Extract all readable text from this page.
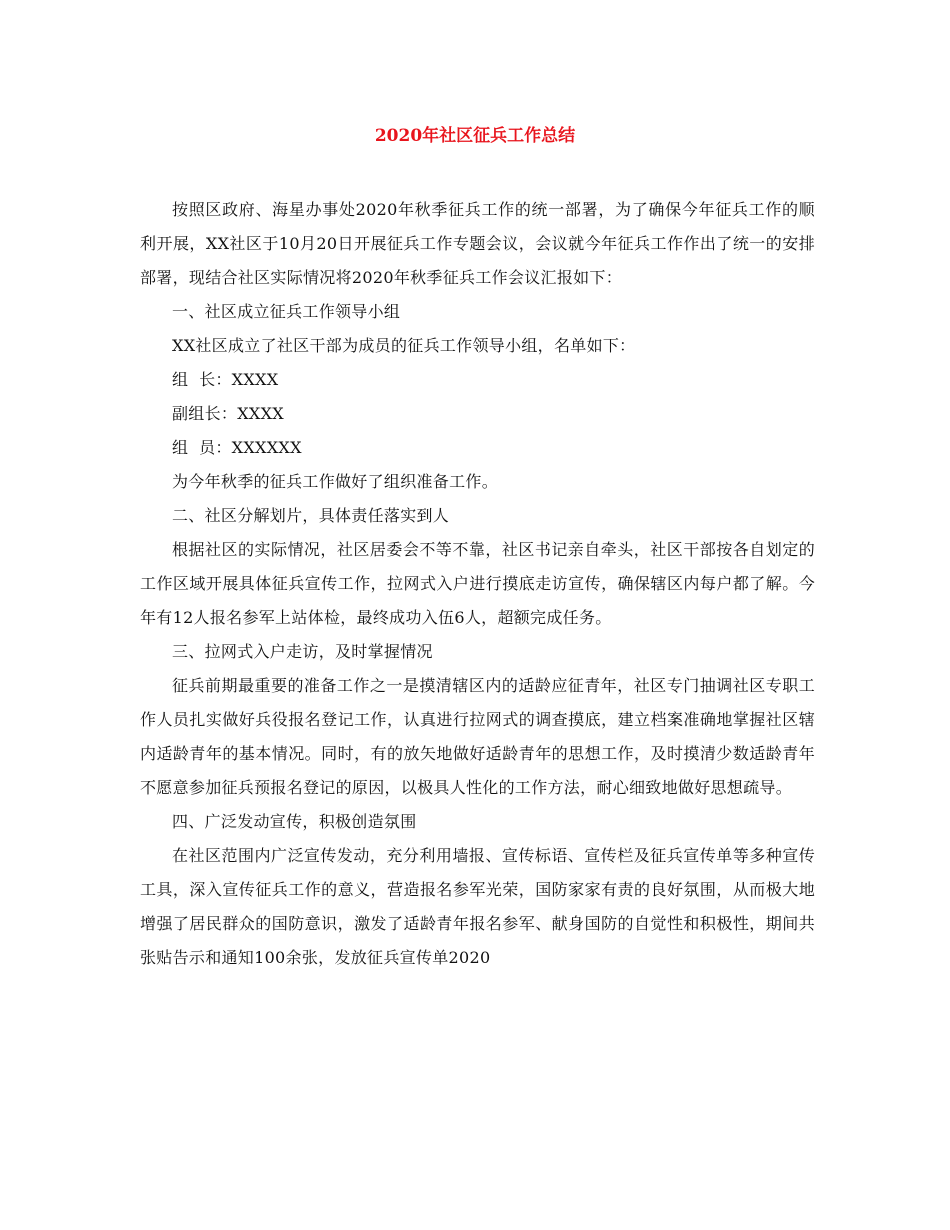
2020年社区征兵工作总结

按照区政府、海星办事处2020年秋季征兵工作的统一部署，为了确保今年征兵工作的顺利开展，XX社区于10月20日开展征兵工作专题会议，会议就今年征兵工作作出了统一的安排部署，现结合社区实际情况将2020年秋季征兵工作会议汇报如下：

一、社区成立征兵工作领导小组

XX社区成立了社区干部为成员的征兵工作领导小组，名单如下：

组  长：XXXX

副组长：XXXX

组  员：XXXXXX

为今年秋季的征兵工作做好了组织准备工作。

二、社区分解划片，具体责任落实到人

根据社区的实际情况，社区居委会不等不靠，社区书记亲自牵头，社区干部按各自划定的工作区域开展具体征兵宣传工作，拉网式入户进行摸底走访宣传，确保辖区内每户都了解。今年有12人报名参军上站体检，最终成功入伍6人，超额完成任务。

三、拉网式入户走访，及时掌握情况

征兵前期最重要的准备工作之一是摸清辖区内的适龄应征青年，社区专门抽调社区专职工作人员扎实做好兵役报名登记工作，认真进行拉网式的调查摸底，建立档案准确地掌握社区辖内适龄青年的基本情况。同时，有的放矢地做好适龄青年的思想工作，及时摸清少数适龄青年不愿意参加征兵预报名登记的原因，以极具人性化的工作方法，耐心细致地做好思想疏导。

四、广泛发动宣传，积极创造氛围

在社区范围内广泛宣传发动，充分利用墙报、宣传标语、宣传栏及征兵宣传单等多种宣传工具，深入宣传征兵工作的意义，营造报名参军光荣，国防家家有责的良好氛围，从而极大地增强了居民群众的国防意识，激发了适龄青年报名参军、献身国防的自觉性和积极性，期间共张贴告示和通知100余张，发放征兵宣传单2020
